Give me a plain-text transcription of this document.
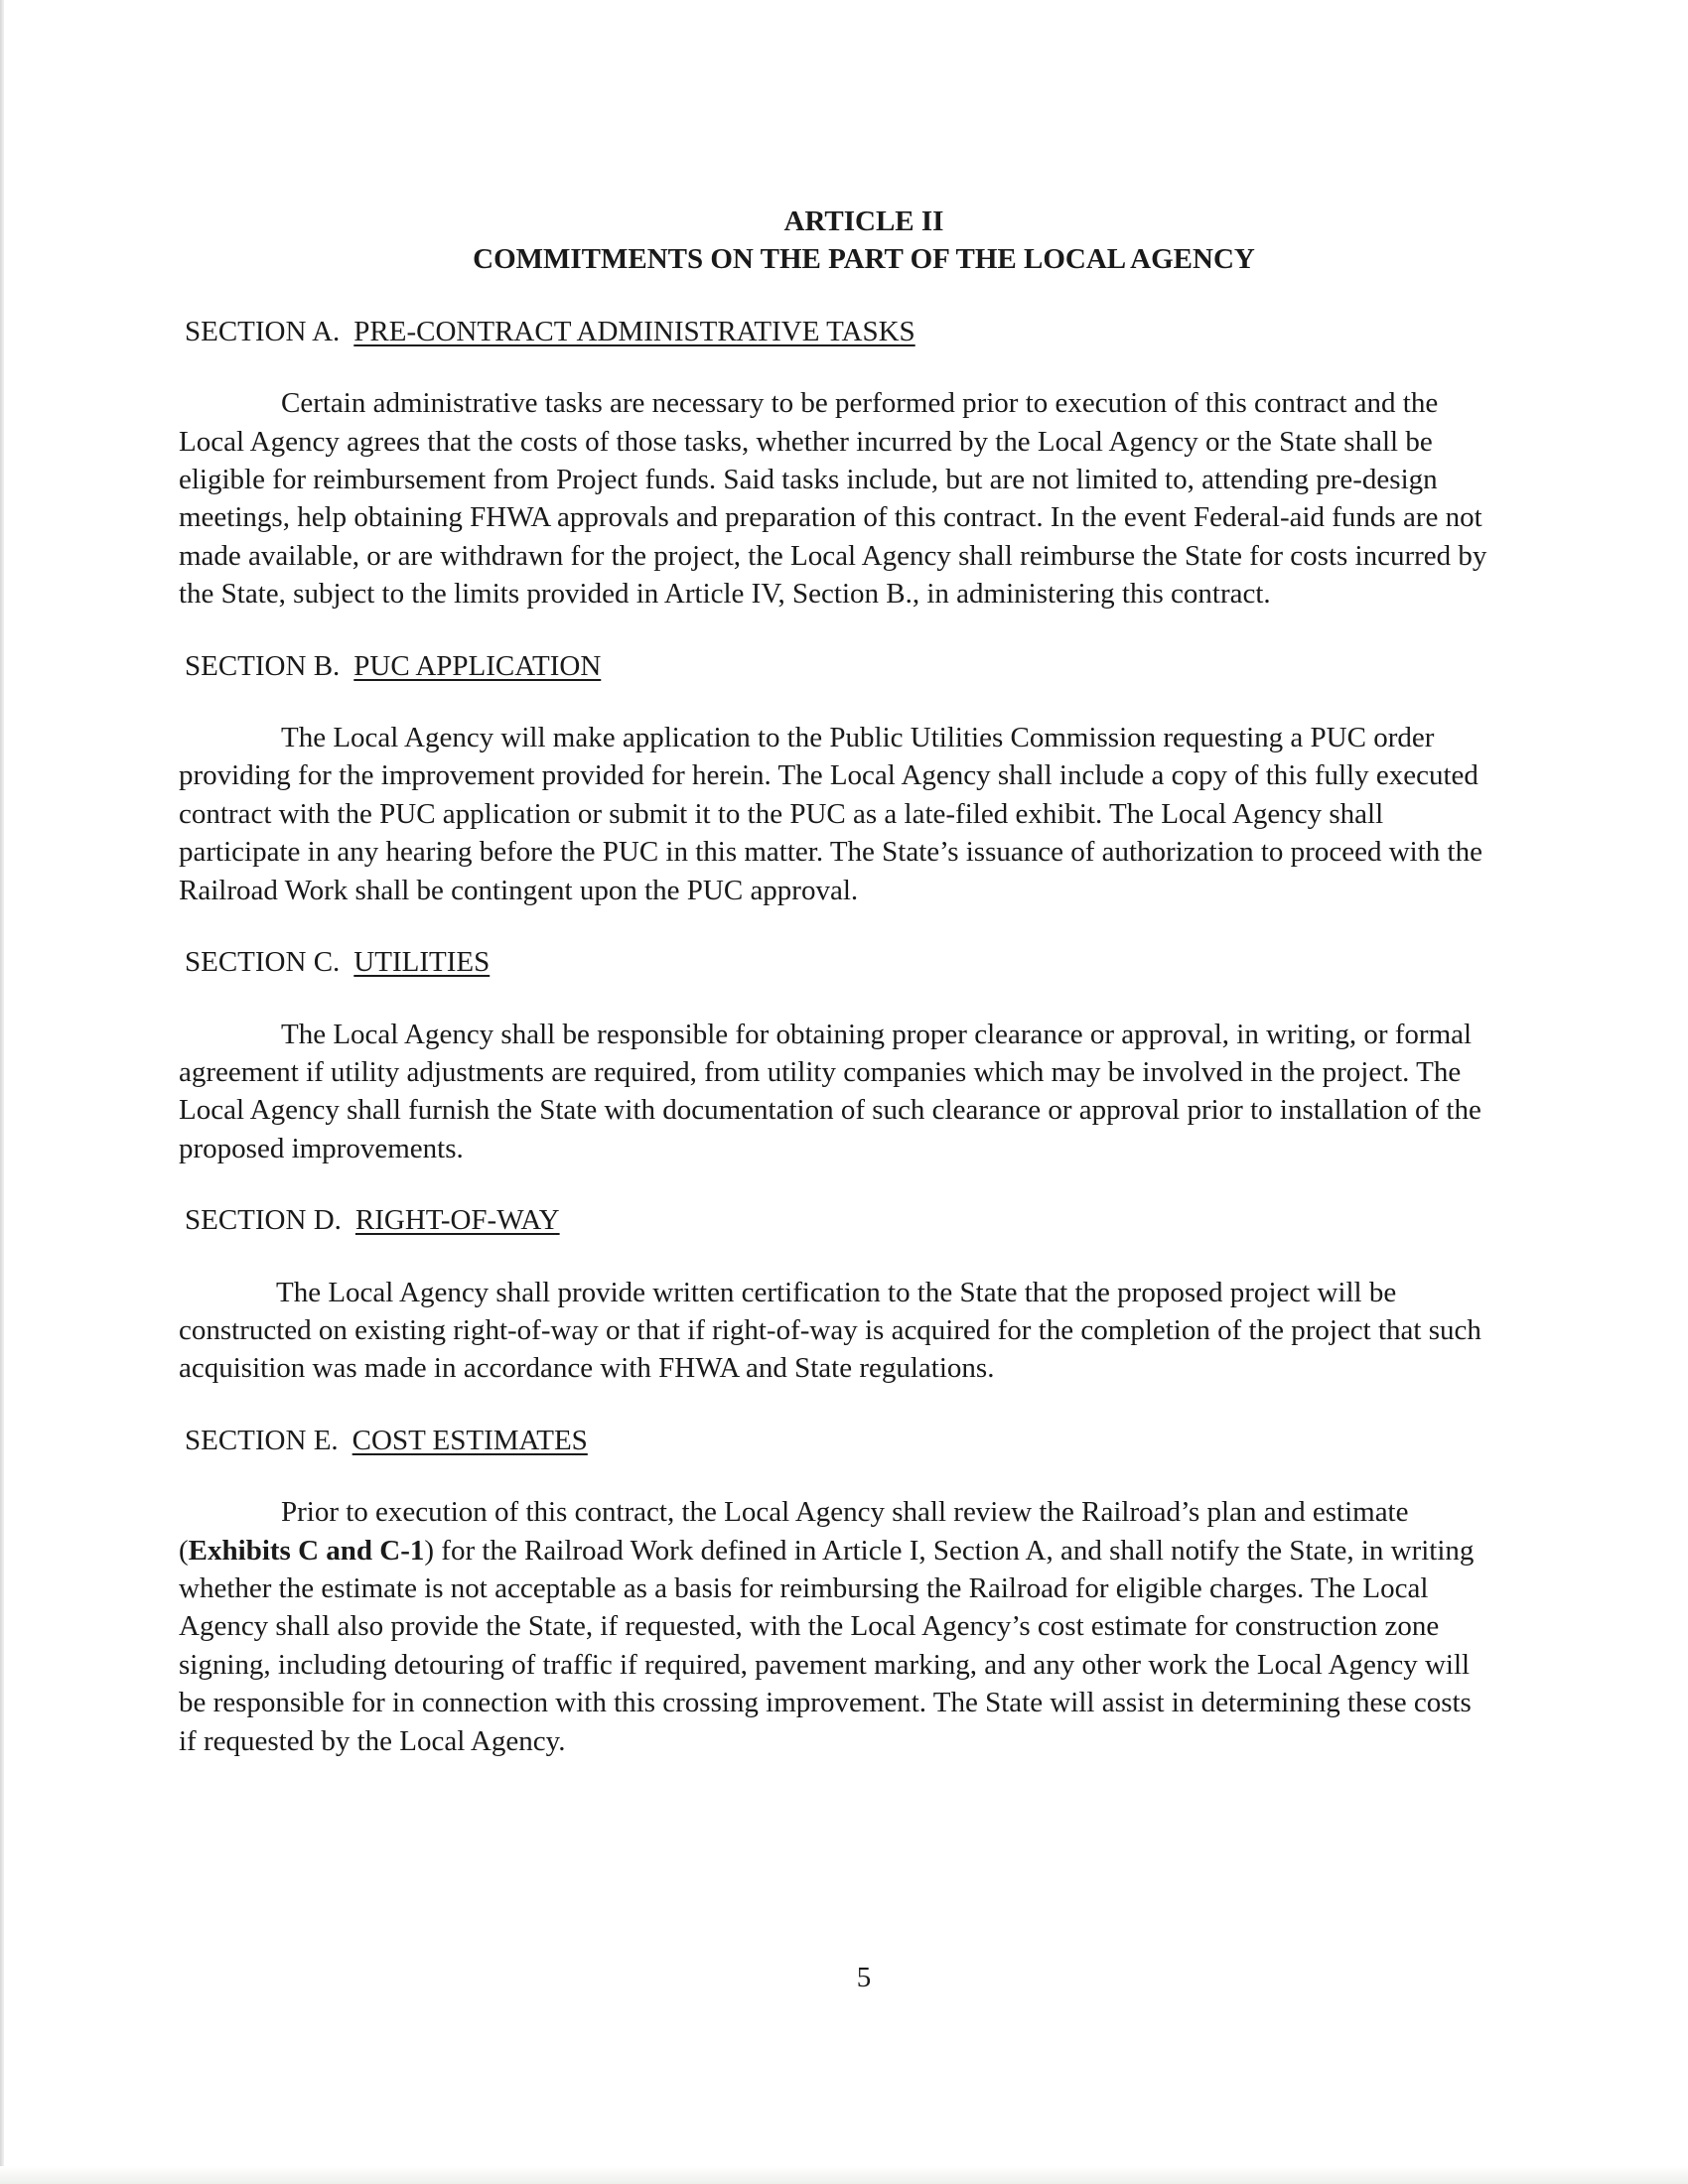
ARTICLE II

COMMITMENTS ON THE PART OF THE LOCAL AGENCY

SECTION A. PRE-CONTRACT ADMINISTRATIVE TASKS

Certain administrative tasks are necessary to be performed prior to execution of this contract and the Local Agency agrees that the costs of those tasks, whether incurred by the Local Agency or the State shall be eligible for reimbursement from Project funds. Said tasks include, but are not limited to, attending pre-design meetings, help obtaining FHWA approvals and preparation of this contract. In the event Federal-aid funds are not made available, or are withdrawn for the project, the Local Agency shall reimburse the State for costs incurred by the State, subject to the limits provided in Article IV, Section B., in administering this contract.

SECTION B. PUC APPLICATION

The Local Agency will make application to the Public Utilities Commission requesting a PUC order providing for the improvement provided for herein. The Local Agency shall include a copy of this fully executed contract with the PUC application or submit it to the PUC as a late-filed exhibit. The Local Agency shall participate in any hearing before the PUC in this matter. The State’s issuance of authorization to proceed with the Railroad Work shall be contingent upon the PUC approval.

SECTION C. UTILITIES

The Local Agency shall be responsible for obtaining proper clearance or approval, in writing, or formal agreement if utility adjustments are required, from utility companies which may be involved in the project. The Local Agency shall furnish the State with documentation of such clearance or approval prior to installation of the proposed improvements.

SECTION D. RIGHT-OF-WAY

The Local Agency shall provide written certification to the State that the proposed project will be constructed on existing right-of-way or that if right-of-way is acquired for the completion of the project that such acquisition was made in accordance with FHWA and State regulations.

SECTION E. COST ESTIMATES

Prior to execution of this contract, the Local Agency shall review the Railroad’s plan and estimate (Exhibits C and C-1) for the Railroad Work defined in Article I, Section A, and shall notify the State, in writing whether the estimate is not acceptable as a basis for reimbursing the Railroad for eligible charges. The Local Agency shall also provide the State, if requested, with the Local Agency’s cost estimate for construction zone signing, including detouring of traffic if required, pavement marking, and any other work the Local Agency will be responsible for in connection with this crossing improvement. The State will assist in determining these costs if requested by the Local Agency.

5
